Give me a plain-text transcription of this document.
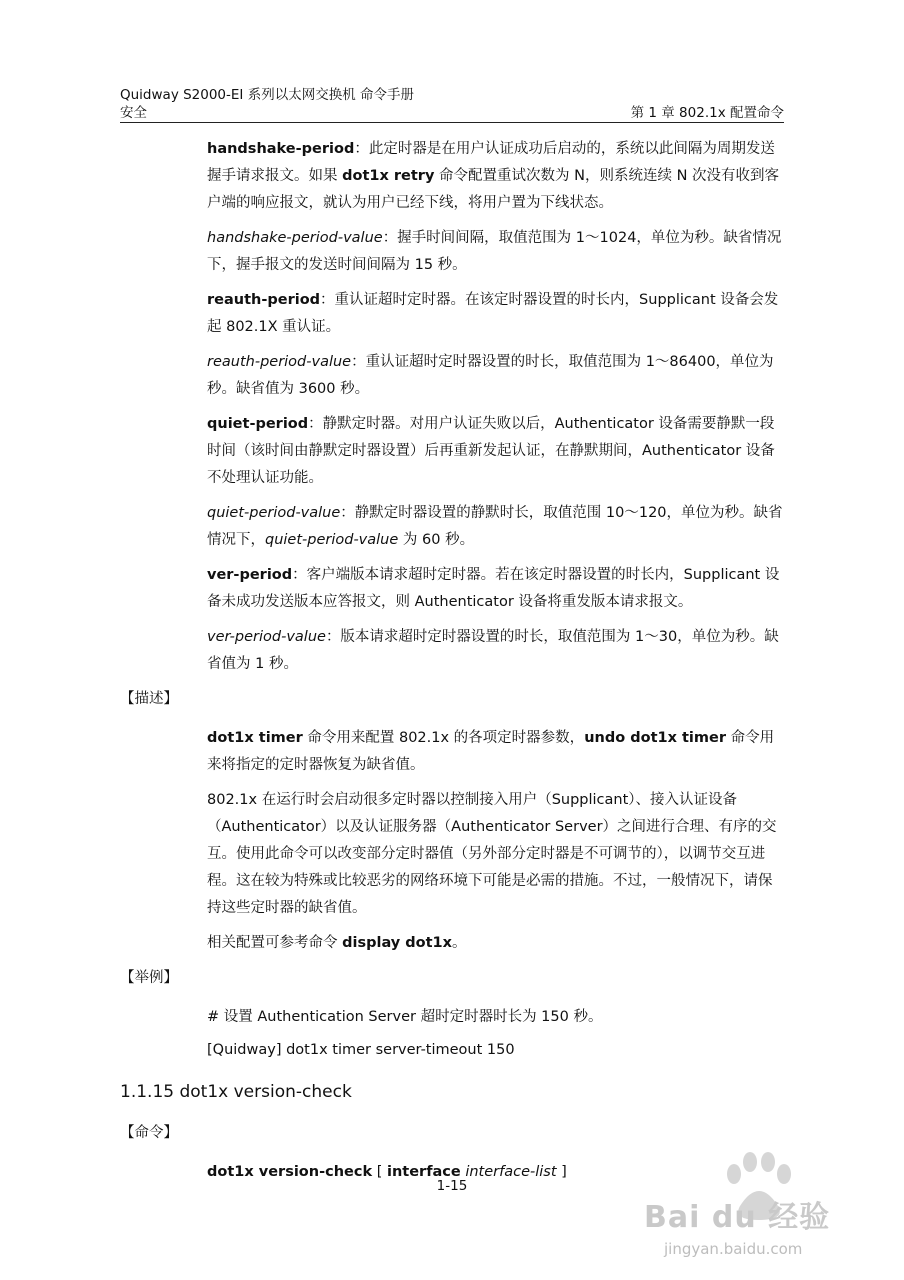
Quidway S2000-EI 系列以太网交换机 命令手册
安全	第 1 章 802.1x 配置命令
handshake-period：此定时器是在用户认证成功后启动的，系统以此间隔为周期发送握手请求报文。如果 dot1x retry 命令配置重试次数为 N，则系统连续 N 次没有收到客户端的响应报文，就认为用户已经下线，将用户置为下线状态。
handshake-period-value：握手时间间隔，取值范围为 1～1024，单位为秒。缺省情况下，握手报文的发送时间间隔为 15 秒。
reauth-period：重认证超时定时器。在该定时器设置的时长内，Supplicant 设备会发起 802.1X 重认证。
reauth-period-value：重认证超时定时器设置的时长，取值范围为 1～86400，单位为秒。缺省值为 3600 秒。
quiet-period：静默定时器。对用户认证失败以后，Authenticator 设备需要静默一段时间（该时间由静默定时器设置）后再重新发起认证，在静默期间，Authenticator 设备不处理认证功能。
quiet-period-value：静默定时器设置的静默时长，取值范围 10～120，单位为秒。缺省情况下，quiet-period-value 为 60 秒。
ver-period：客户端版本请求超时定时器。若在该定时器设置的时长内，Supplicant 设备未成功发送版本应答报文，则 Authenticator 设备将重发版本请求报文。
ver-period-value：版本请求超时定时器设置的时长，取值范围为 1～30，单位为秒。缺省值为 1 秒。
【描述】
dot1x timer 命令用来配置 802.1x 的各项定时器参数，undo dot1x timer 命令用来将指定的定时器恢复为缺省值。
802.1x 在运行时会启动很多定时器以控制接入用户（Supplicant）、接入认证设备（Authenticator）以及认证服务器（Authenticator Server）之间进行合理、有序的交互。使用此命令可以改变部分定时器值（另外部分定时器是不可调节的），以调节交互进程。这在较为特殊或比较恶劣的网络环境下可能是必需的措施。不过，一般情况下，请保持这些定时器的缺省值。
相关配置可参考命令 display dot1x。
【举例】
# 设置 Authentication Server 超时定时器时长为 150 秒。
[Quidway] dot1x timer server-timeout 150
1.1.15 dot1x version-check
【命令】
dot1x version-check [ interface interface-list ]
1-15
Bai du 经验
jingyan.baidu.com
